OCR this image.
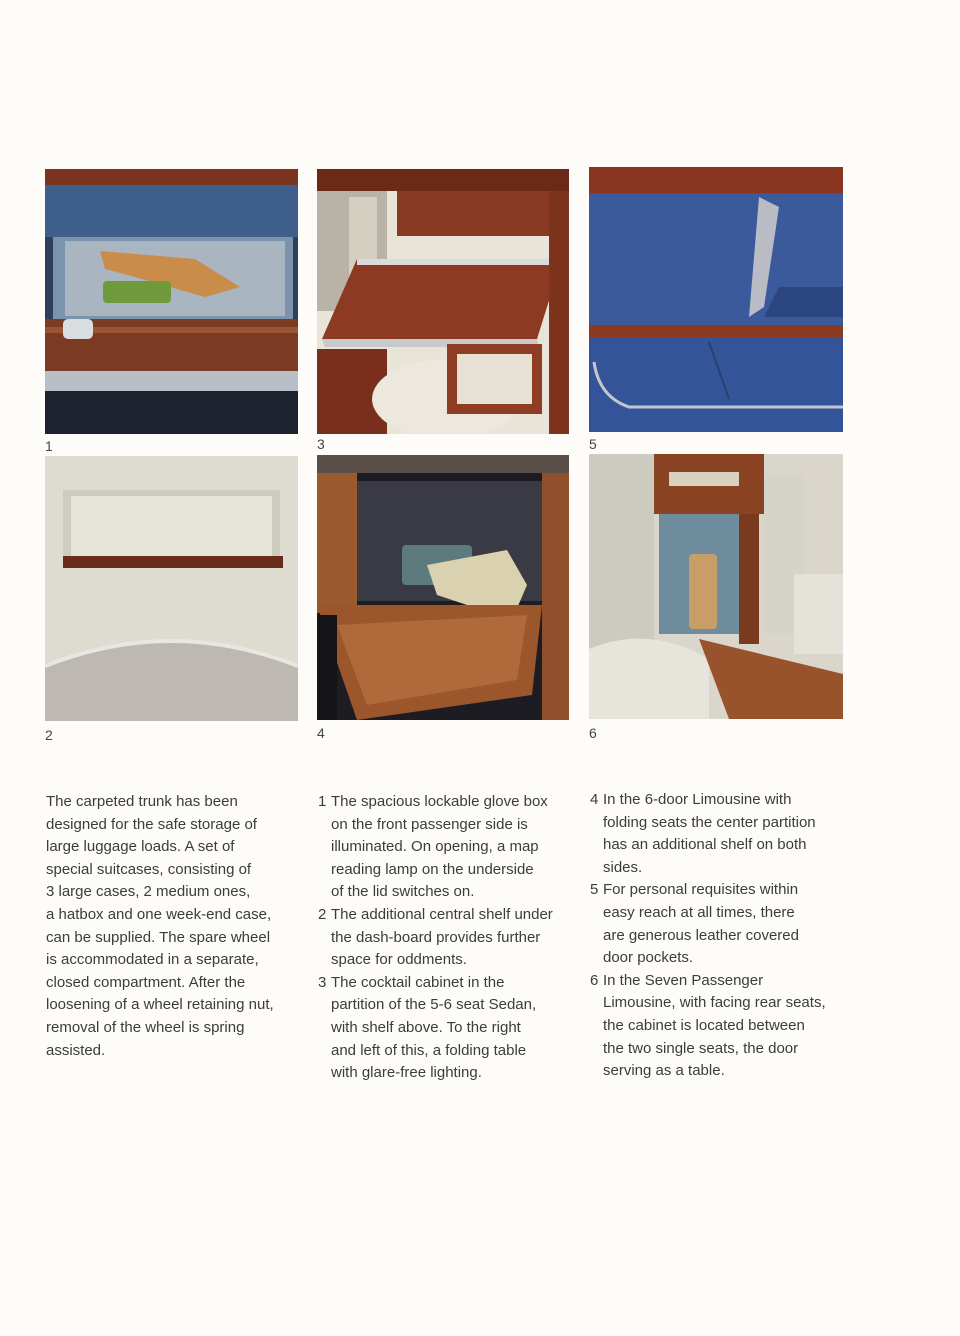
1	3	5
2	4	6

The carpeted trunk has been

designed for the safe storage of

large luggage loads. A set of

special suitcases, consisting of

3 large cases, 2 medium ones,

a hatbox and one week-end case,

can be supplied. The spare wheel

is accommodated in a separate,

closed compartment. After the

loosening of a wheel retaining nut,

removal of the wheel is spring

assisted.

1 The spacious lockable glove box

on the front passenger side is

illuminated. On opening, a map

reading lamp on the underside

of the lid switches on.

2 The additional central shelf under

the dash-board provides further

space for oddments.

3 The cocktail cabinet in the

partition of the 5-6 seat Sedan,

with shelf above. To the right

and left of this, a folding table

with glare-free lighting.

4 In the 6-door Limousine with

folding seats the center partition

has an additional shelf on both

sides.

5 For personal requisites within

easy reach at all times, there

are generous leather covered

door pockets.

6 In the Seven Passenger

Limousine, with facing rear seats,

the cabinet is located between

the two single seats, the door

serving as a table.
